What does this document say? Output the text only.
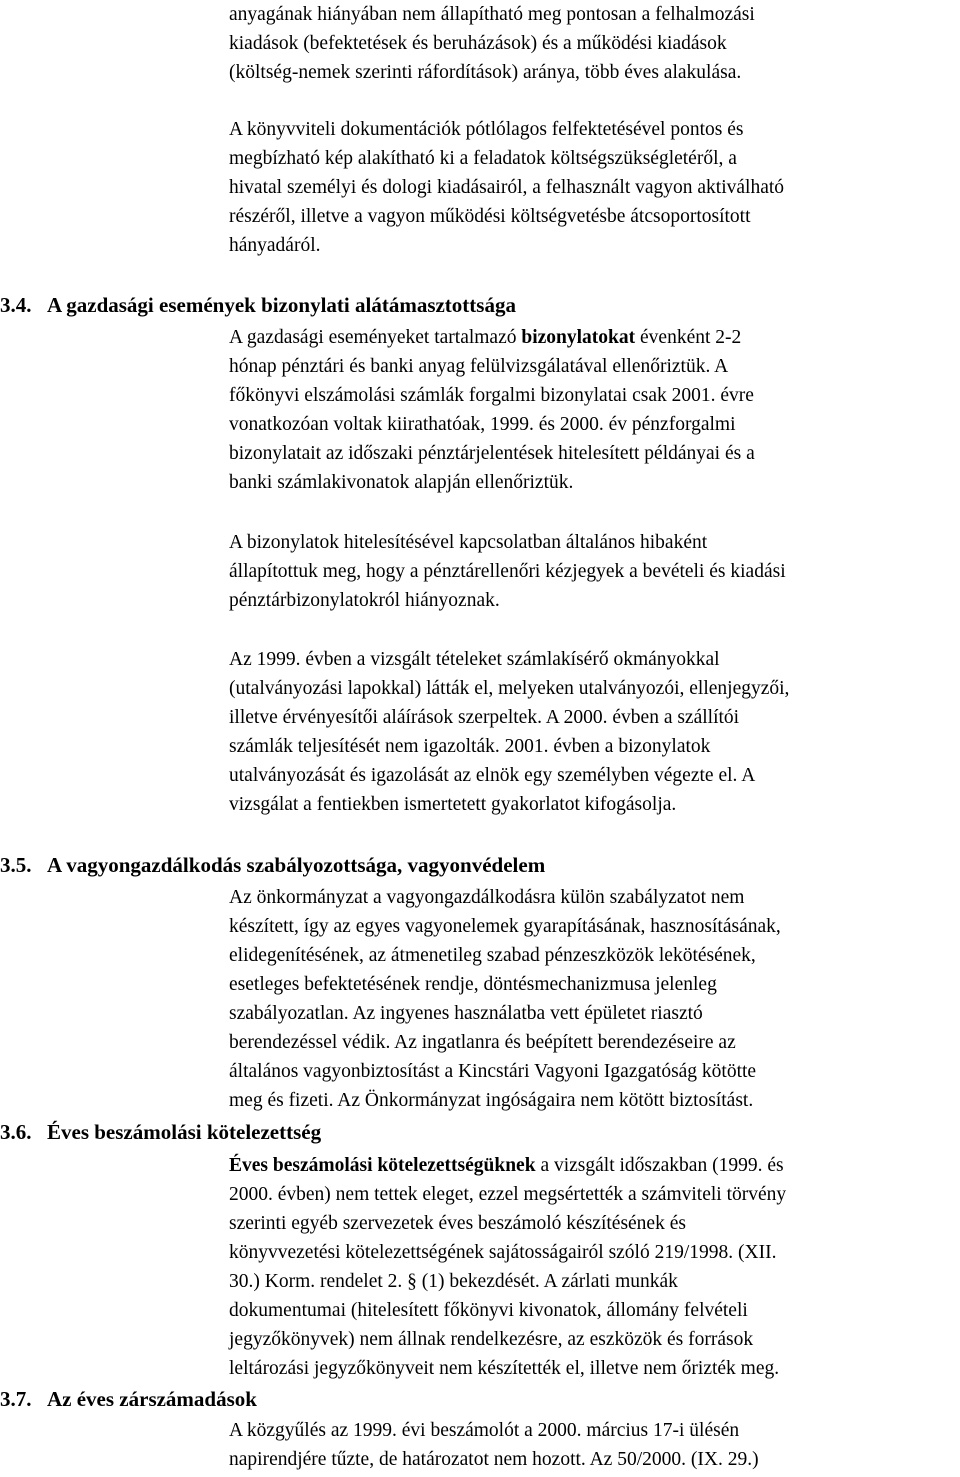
anyagának hiányában nem állapítható meg pontosan a felhalmozási
kiadások (befektetések és beruházások) és a működési kiadások
(költség-nemek szerinti ráfordítások) aránya, több éves alakulása.
A könyvviteli dokumentációk pótlólagos felfektetésével pontos és
megbízható kép alakítható ki a feladatok költségszükségletéről, a
hivatal személyi és dologi kiadásairól, a felhasznált vagyon aktiválható
részéről, illetve a vagyon működési költségvetésbe átcsoportosított
hányadáról.
3.4. A gazdasági események bizonylati alátámasztottsága
A gazdasági eseményeket tartalmazó bizonylatokat évenként 2-2
hónap pénztári és banki anyag felülvizsgálatával ellenőriztük. A
főkönyvi elszámolási számlák forgalmi bizonylatai csak 2001. évre
vonatkozóan voltak kiirathatóak, 1999. és 2000. év pénzforgalmi
bizonylatait az időszaki pénztárjelentések hitelesített példányai és a
banki számlakivonatok alapján ellenőriztük.
A bizonylatok hitelesítésével kapcsolatban általános hibaként
állapítottuk meg, hogy a pénztárellenőri kézjegyek a bevételi és kiadási
pénztárbizonylatokról hiányoznak.
Az 1999. évben a vizsgált tételeket számlakísérő okmányokkal
(utalványozási lapokkal) látták el, melyeken utalványozói, ellenjegyzői,
illetve érvényesítői aláírások szerpeltek. A 2000. évben a szállítói
számlák teljesítését nem igazolták. 2001. évben a bizonylatok
utalványozását és igazolását az elnök egy személyben végezte el. A
vizsgálat a fentiekben ismertetett gyakorlatot kifogásolja.
3.5. A vagyongazdálkodás szabályozottsága, vagyonvédelem
Az önkormányzat a vagyongazdálkodásra külön szabályzatot nem
készített, így az egyes vagyonelemek gyarapításának, hasznosításának,
elidegenítésének, az átmenetileg szabad pénzeszközök lekötésének,
esetleges befektetésének rendje, döntésmechanizmusa jelenleg
szabályozatlan. Az ingyenes használatba vett épületet riasztó
berendezéssel védik. Az ingatlanra és beépített berendezéseire az
általános vagyonbiztosítást a Kincstári Vagyoni Igazgatóság kötötte
meg és fizeti. Az Önkormányzat ingóságaira nem kötött biztosítást.
3.6. Éves beszámolási kötelezettség
Éves beszámolási kötelezettségüknek a vizsgált időszakban (1999. és
2000. évben) nem tettek eleget, ezzel megsértették a számviteli törvény
szerinti egyéb szervezetek éves beszámoló készítésének és
könyvvezetési kötelezettségének sajátosságairól szóló 219/1998. (XII.
30.) Korm. rendelet 2. § (1) bekezdését. A zárlati munkák
dokumentumai (hitelesített főkönyvi kivonatok, állomány felvételi
jegyzőkönyvek) nem állnak rendelkezésre, az eszközök és források
leltározási jegyzőkönyveit nem készítették el, illetve nem őrizték meg.
3.7. Az éves zárszámadások
A közgyűlés az 1999. évi beszámolót a 2000. március 17-i ülésén
napirendjére tűzte, de határozatot nem hozott. Az 50/2000. (IX. 29.)
